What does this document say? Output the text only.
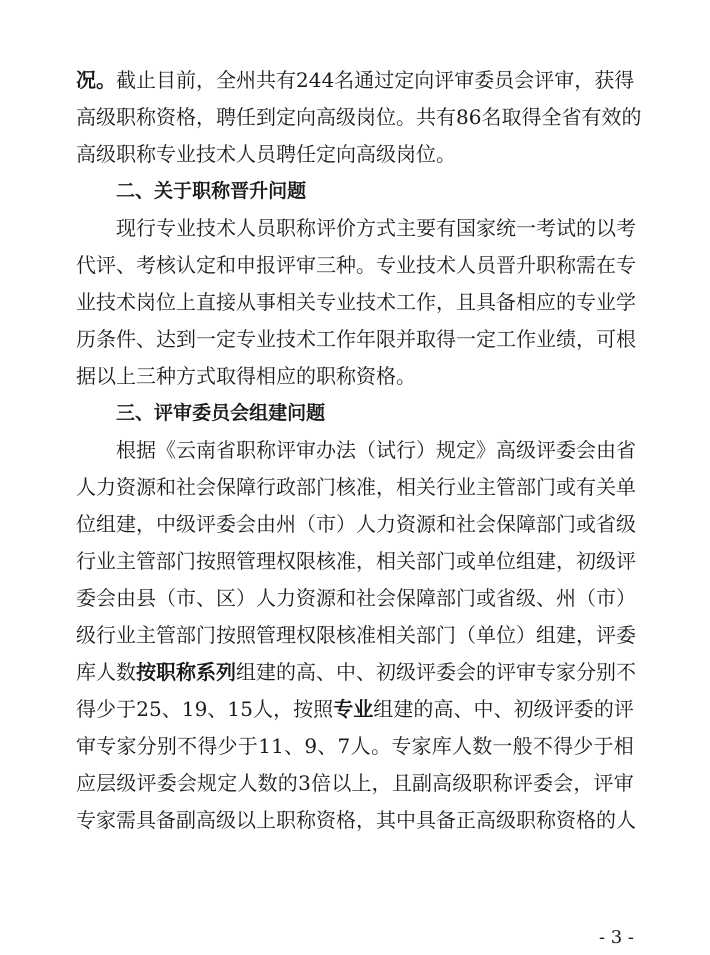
况 。 截 止 目 前 ， 全 州 共 有 2 4 4 名 通 过 定 向 评 审 委 员 会 评 审 ， 获 得
高 级 职 称 资 格 ， 聘 任 到 定 向 高 级 岗 位 。 共 有 8 6 名 取 得 全 省 有 效 的
高 级 职 称 专 业 技 术 人 员 聘 任 定 向 高 级 岗 位 。
二 、 关 于 职 称 晋 升 问 题
现 行 专 业 技 术 人 员 职 称 评 价 方 式 主 要 有 国 家 统 一 考 试 的 以 考
代 评 、 考 核 认 定 和 申 报 评 审 三 种 。 专 业 技 术 人 员 晋 升 职 称 需 在 专
业 技 术 岗 位 上 直 接 从 事 相 关 专 业 技 术 工 作 ， 且 具 备 相 应 的 专 业 学
历 条 件 、 达 到 一 定 专 业 技 术 工 作 年 限 并 取 得 一 定 工 作 业 绩 ， 可 根
据 以 上 三 种 方 式 取 得 相 应 的 职 称 资 格 。
三 、 评 审 委 员 会 组 建 问 题
根 据 《 云 南 省 职 称 评 审 办 法 （ 试 行 ） 规 定 》 高 级 评 委 会 由 省
人 力 资 源 和 社 会 保 障 行 政 部 门 核 准 ， 相 关 行 业 主 管 部 门 或 有 关 单
位 组 建 ， 中 级 评 委 会 由 州 （ 市 ） 人 力 资 源 和 社 会 保 障 部 门 或 省 级
行 业 主 管 部 门 按 照 管 理 权 限 核 准 ， 相 关 部 门 或 单 位 组 建 ， 初 级 评
委 会 由 县 （ 市 、 区 ） 人 力 资 源 和 社 会 保 障 部 门 或 省 级 、 州 （ 市 ）
级 行 业 主 管 部 门 按 照 管 理 权 限 核 准 相 关 部 门 （ 单 位 ） 组 建 ， 评 委
库 人 数 按 职 称 系 列 组 建 的 高 、 中 、 初 级 评 委 会 的 评 审 专 家 分 别 不
得 少 于 2 5 、 1 9 、 1 5 人 ， 按 照 专 业 组 建 的 高 、 中 、 初 级 评 委 的 评
审 专 家 分 别 不 得 少 于 1 1 、 9 、 7 人 。 专 家 库 人 数 一 般 不 得 少 于 相
应 层 级 评 委 会 规 定 人 数 的 3 倍 以 上 ， 且 副 高 级 职 称 评 委 会 ， 评 审
专 家 需 具 备 副 高 级 以 上 职 称 资 格 ， 其 中 具 备 正 高 级 职 称 资 格 的 人
- 3 -
